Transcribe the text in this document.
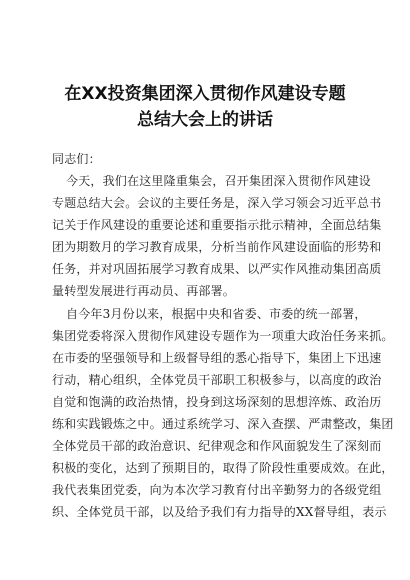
在XX投资集团深入贯彻作风建设专题
总结大会上的讲话
同志们：
今天，我们在这里隆重集会，召开集团深入贯彻作风建设
专题总结大会。会议的主要任务是，深入学习领会习近平总书
记关于作风建设的重要论述和重要指示批示精神，全面总结集
团为期数月的学习教育成果，分析当前作风建设面临的形势和
任务，并对巩固拓展学习教育成果、以严实作风推动集团高质
量转型发展进行再动员、再部署。
自今年3月份以来，根据中央和省委、市委的统一部署，
集团党委将深入贯彻作风建设专题作为一项重大政治任务来抓。
在市委的坚强领导和上级督导组的悉心指导下，集团上下迅速
行动，精心组织，全体党员干部职工积极参与，以高度的政治
自觉和饱满的政治热情，投身到这场深刻的思想淬炼、政治历
练和实践锻炼之中。通过系统学习、深入查摆、严肃整改，集团
全体党员干部的政治意识、纪律观念和作风面貌发生了深刻而
积极的变化，达到了预期目的，取得了阶段性重要成效。在此，
我代表集团党委，向为本次学习教育付出辛勤努力的各级党组
织、全体党员干部，以及给予我们有力指导的XX督导组，表示
